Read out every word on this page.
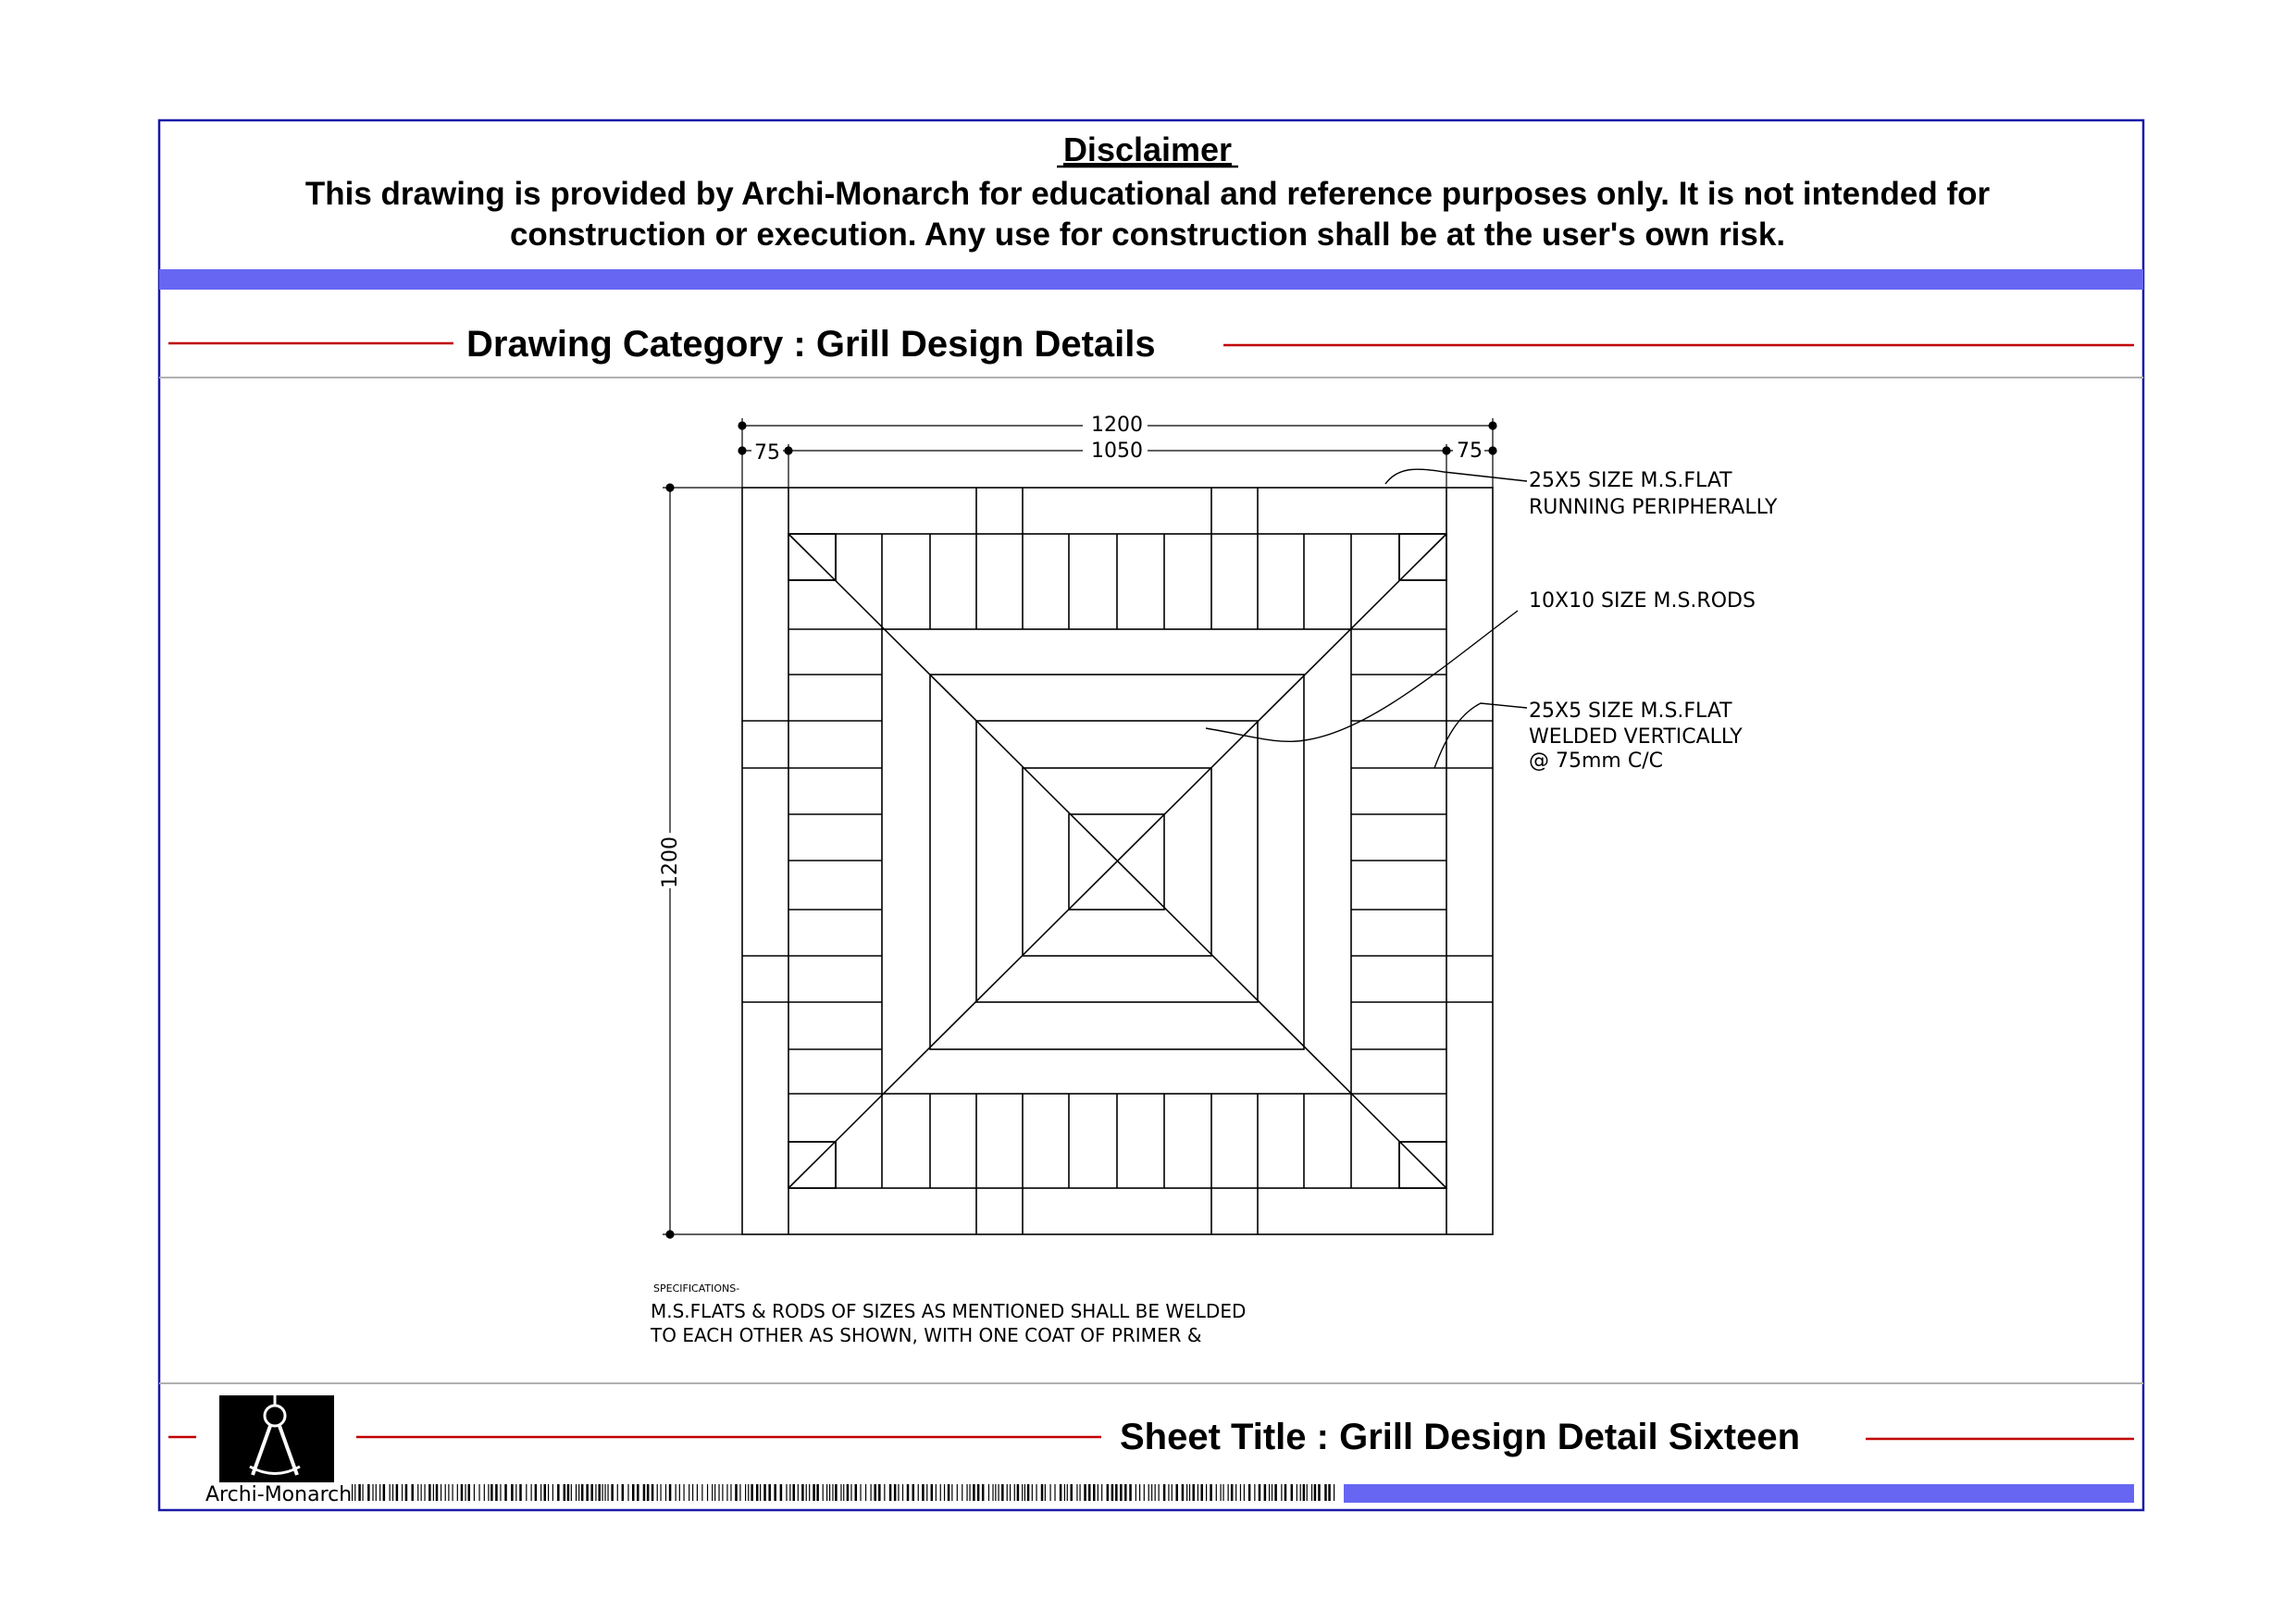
Disclaimer
This drawing is provided by Archi-Monarch for educational and reference purposes only. It is not intended for
construction or execution. Any use for construction shall be at the user's own risk.
Drawing Category : Grill Design Details
1200
1050
75	75
1200
25X5 SIZE M.S.FLAT
RUNNING PERIPHERALLY
10X10 SIZE M.S.RODS
25X5 SIZE M.S.FLAT
WELDED VERTICALLY
@ 75mm C/C
SPECIFICATIONS-
M.S.FLATS & RODS OF SIZES AS MENTIONED SHALL BE WELDED
TO EACH OTHER AS SHOWN, WITH ONE COAT OF PRIMER &
Sheet Title : Grill Design Detail Sixteen
Archi-Monarch
